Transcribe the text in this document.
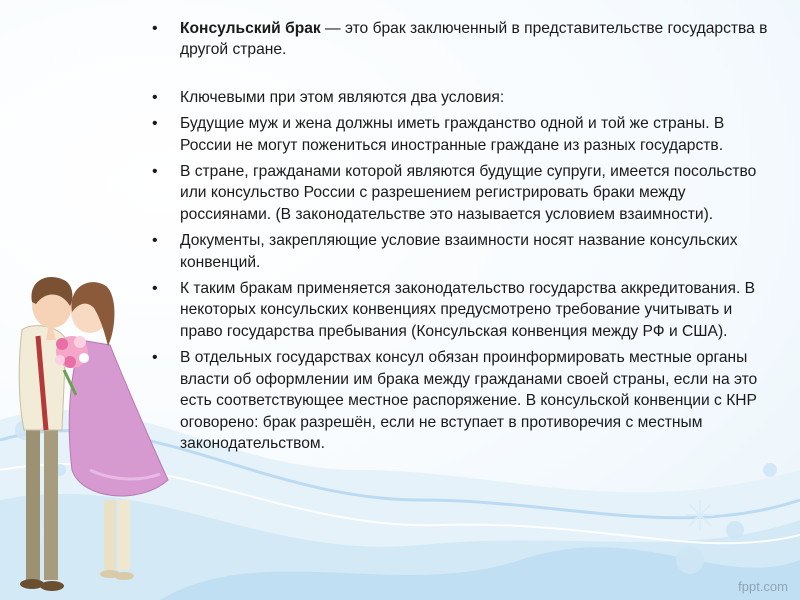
• Консульский брак — это брак заключенный в представительстве государства в другой стране.
• Ключевыми при этом являются два условия:
• Будущие муж и жена должны иметь гражданство одной и той же страны. В России не могут пожениться иностранные граждане из разных государств.
• В стране, гражданами которой являются будущие супруги, имеется посольство или консульство России с разрешением регистрировать браки между россиянами. (В законодательстве это называется условием взаимности).
• Документы, закрепляющие условие взаимности носят название консульских конвенций.
• К таким бракам применяется законодательство государства аккредитования. В некоторых консульских конвенциях предусмотрено требование учитывать и право государства пребывания (Консульская конвенция между РФ и США).
• В отдельных государствах консул обязан проинформировать местные органы власти об оформлении им брака между гражданами своей страны, если на это есть соответствующее местное распоряжение. В консульской конвенции с КНР оговорено: брак разрешён, если не вступает в противоречия с местным законодательством.
fppt.com
